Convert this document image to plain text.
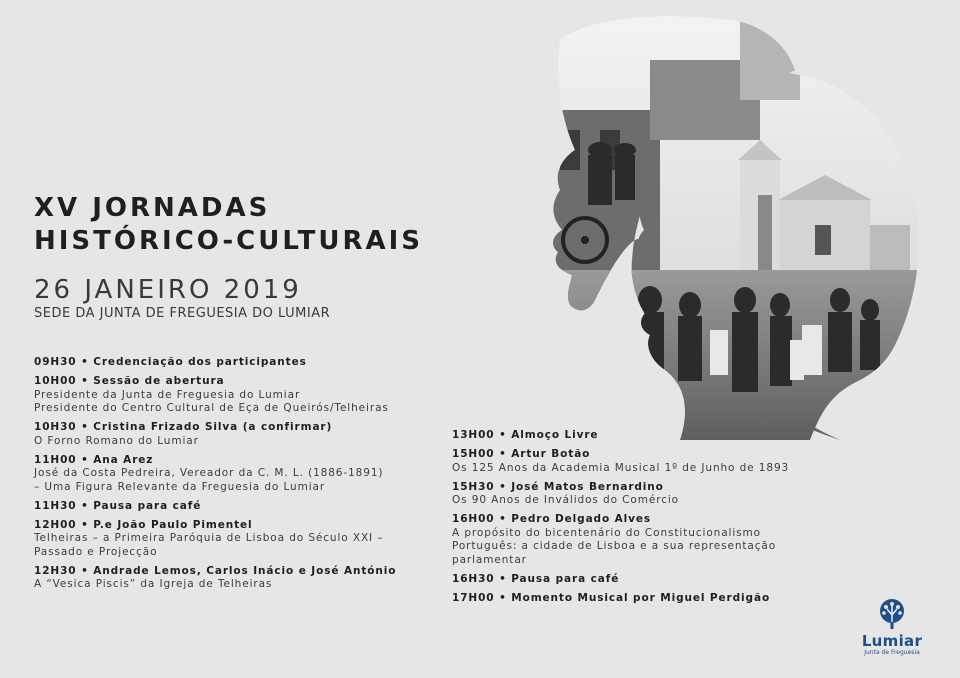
XV JORNADAS
HISTÓRICO-CULTURAIS
26 JANEIRO 2019
SEDE DA JUNTA DE FREGUESIA DO LUMIAR
09H30 • Credenciação dos participantes
10H00 • Sessão de abertura
Presidente da Junta de Freguesia do Lumiar
Presidente do Centro Cultural de Eça de Queirós/Telheiras
10H30 • Cristina Frizado Silva (a confirmar)
O Forno Romano do Lumiar
11H00 • Ana Arez
José da Costa Pedreira, Vereador da C. M. L. (1886-1891)
– Uma Figura Relevante da Freguesia do Lumiar
11H30 • Pausa para café
12H00 • P.e João Paulo Pimentel
Telheiras – a Primeira Paróquia de Lisboa do Século XXI –
Passado e Projecção
12H30 • Andrade Lemos, Carlos Inácio e José António
A “Vesica Piscis” da Igreja de Telheiras
13H00 • Almoço Livre
15H00 • Artur Botão
Os 125 Anos da Academia Musical 1º de Junho de 1893
15H30 • José Matos Bernardino
Os 90 Anos de Inválidos do Comércio
16H00 • Pedro Delgado Alves
A propósito do bicentenário do Constitucionalismo
Português: a cidade de Lisboa e a sua representação
parlamentar
16H30 • Pausa para café
17H00 • Momento Musical por Miguel Perdigão
Lumiar
Junta de Freguesia
